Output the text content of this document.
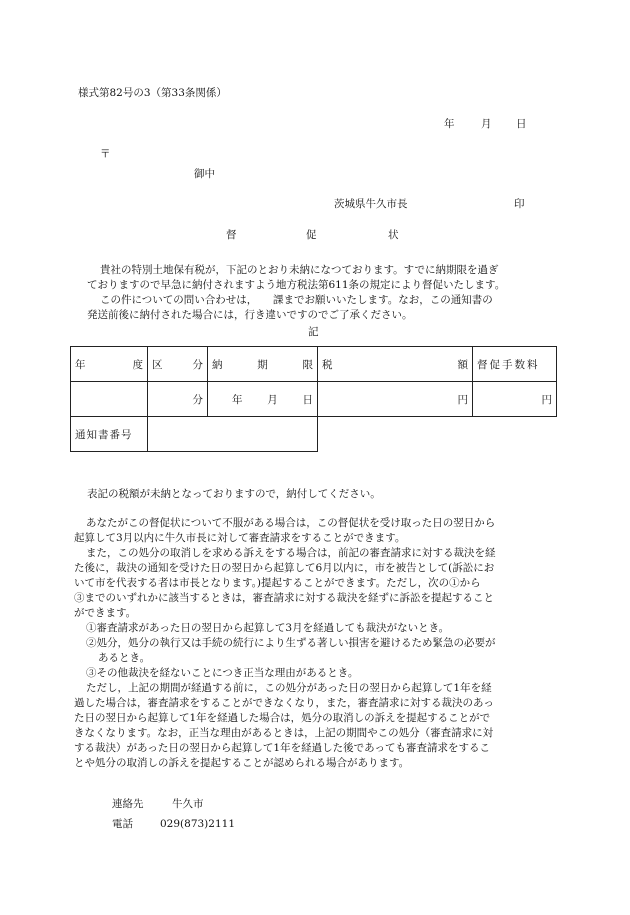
様式第82号の3（第33条関係）
年	月 日
〒
御中
茨城県牛久市長	印
督	促	状
貴社の特別土地保有税が，下記のとおり未納になつております。すでに納期限を過ぎ
ておりますので早急に納付されますよう地方税法第611条の規定により督促いたします。
この件についての問い合わせは，　　課までお願いいたします。なお，この通知書の
発送前後に納付された場合には，行き違いですのでご了承ください。
記
年 度	区 分	納 期 限	税 額	督促手数料
	分	年 月 日	円	円
通知書番号				
表記の税額が未納となっておりますので，納付してください。
あなたがこの督促状について不服がある場合は，この督促状を受け取った日の翌日から
起算して3月以内に牛久市長に対して審査請求をすることができます。
また，この処分の取消しを求める訴えをする場合は，前記の審査請求に対する裁決を経
た後に，裁決の通知を受けた日の翌日から起算して6月以内に，市を被告として(訴訟にお
いて市を代表する者は市長となります。)提起することができます。ただし，次の①から
③までのいずれかに該当するときは，審査請求に対する裁決を経ずに訴訟を提起すること
ができます。
①審査請求があった日の翌日から起算して3月を経過しても裁決がないとき。
②処分，処分の執行又は手続の続行により生ずる著しい損害を避けるため緊急の必要が
あるとき。
③その他裁決を経ないことにつき正当な理由があるとき。
ただし，上記の期間が経過する前に，この処分があった日の翌日から起算して1年を経
過した場合は，審査請求をすることができなくなり，また，審査請求に対する裁決のあっ
た日の翌日から起算して1年を経過した場合は，処分の取消しの訴えを提起することがで
きなくなります。なお，正当な理由があるときは，上記の期間やこの処分（審査請求に対
する裁決）があった日の翌日から起算して1年を経過した後であっても審査請求をするこ
とや処分の取消しの訴えを提起することが認められる場合があります。
連絡先	牛久市
電話	029(873)2111
